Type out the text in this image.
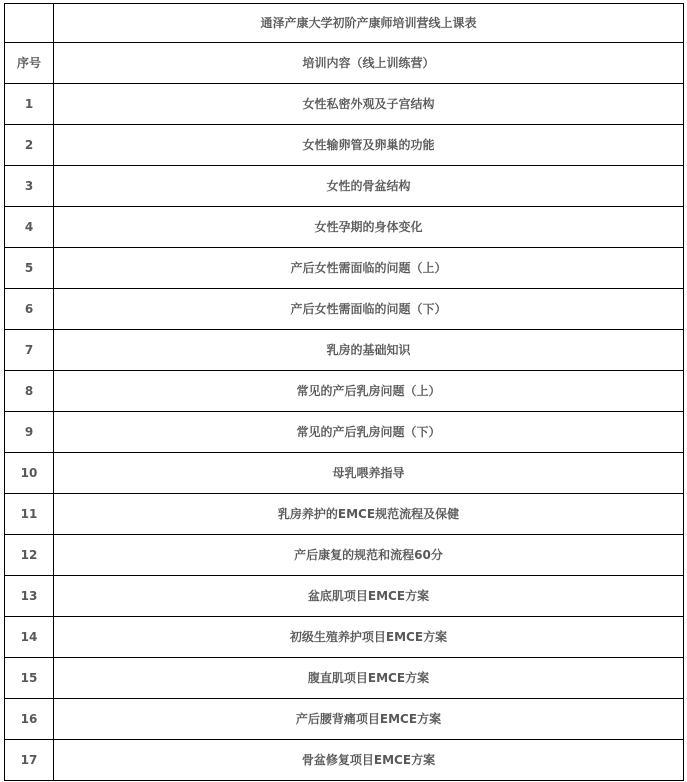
	通泽产康大学初阶产康师培训营线上课表
序号	培训内容（线上训练营）
1	女性私密外观及子宫结构
2	女性输卵管及卵巢的功能
3	女性的骨盆结构
4	女性孕期的身体变化
5	产后女性需面临的问题（上）
6	产后女性需面临的问题（下）
7	乳房的基础知识
8	常见的产后乳房问题（上）
9	常见的产后乳房问题（下）
10	母乳喂养指导
11	乳房养护的EMCE规范流程及保健
12	产后康复的规范和流程60分
13	盆底肌项目EMCE方案
14	初级生殖养护项目EMCE方案
15	腹直肌项目EMCE方案
16	产后腰背痛项目EMCE方案
17	骨盆修复项目EMCE方案
